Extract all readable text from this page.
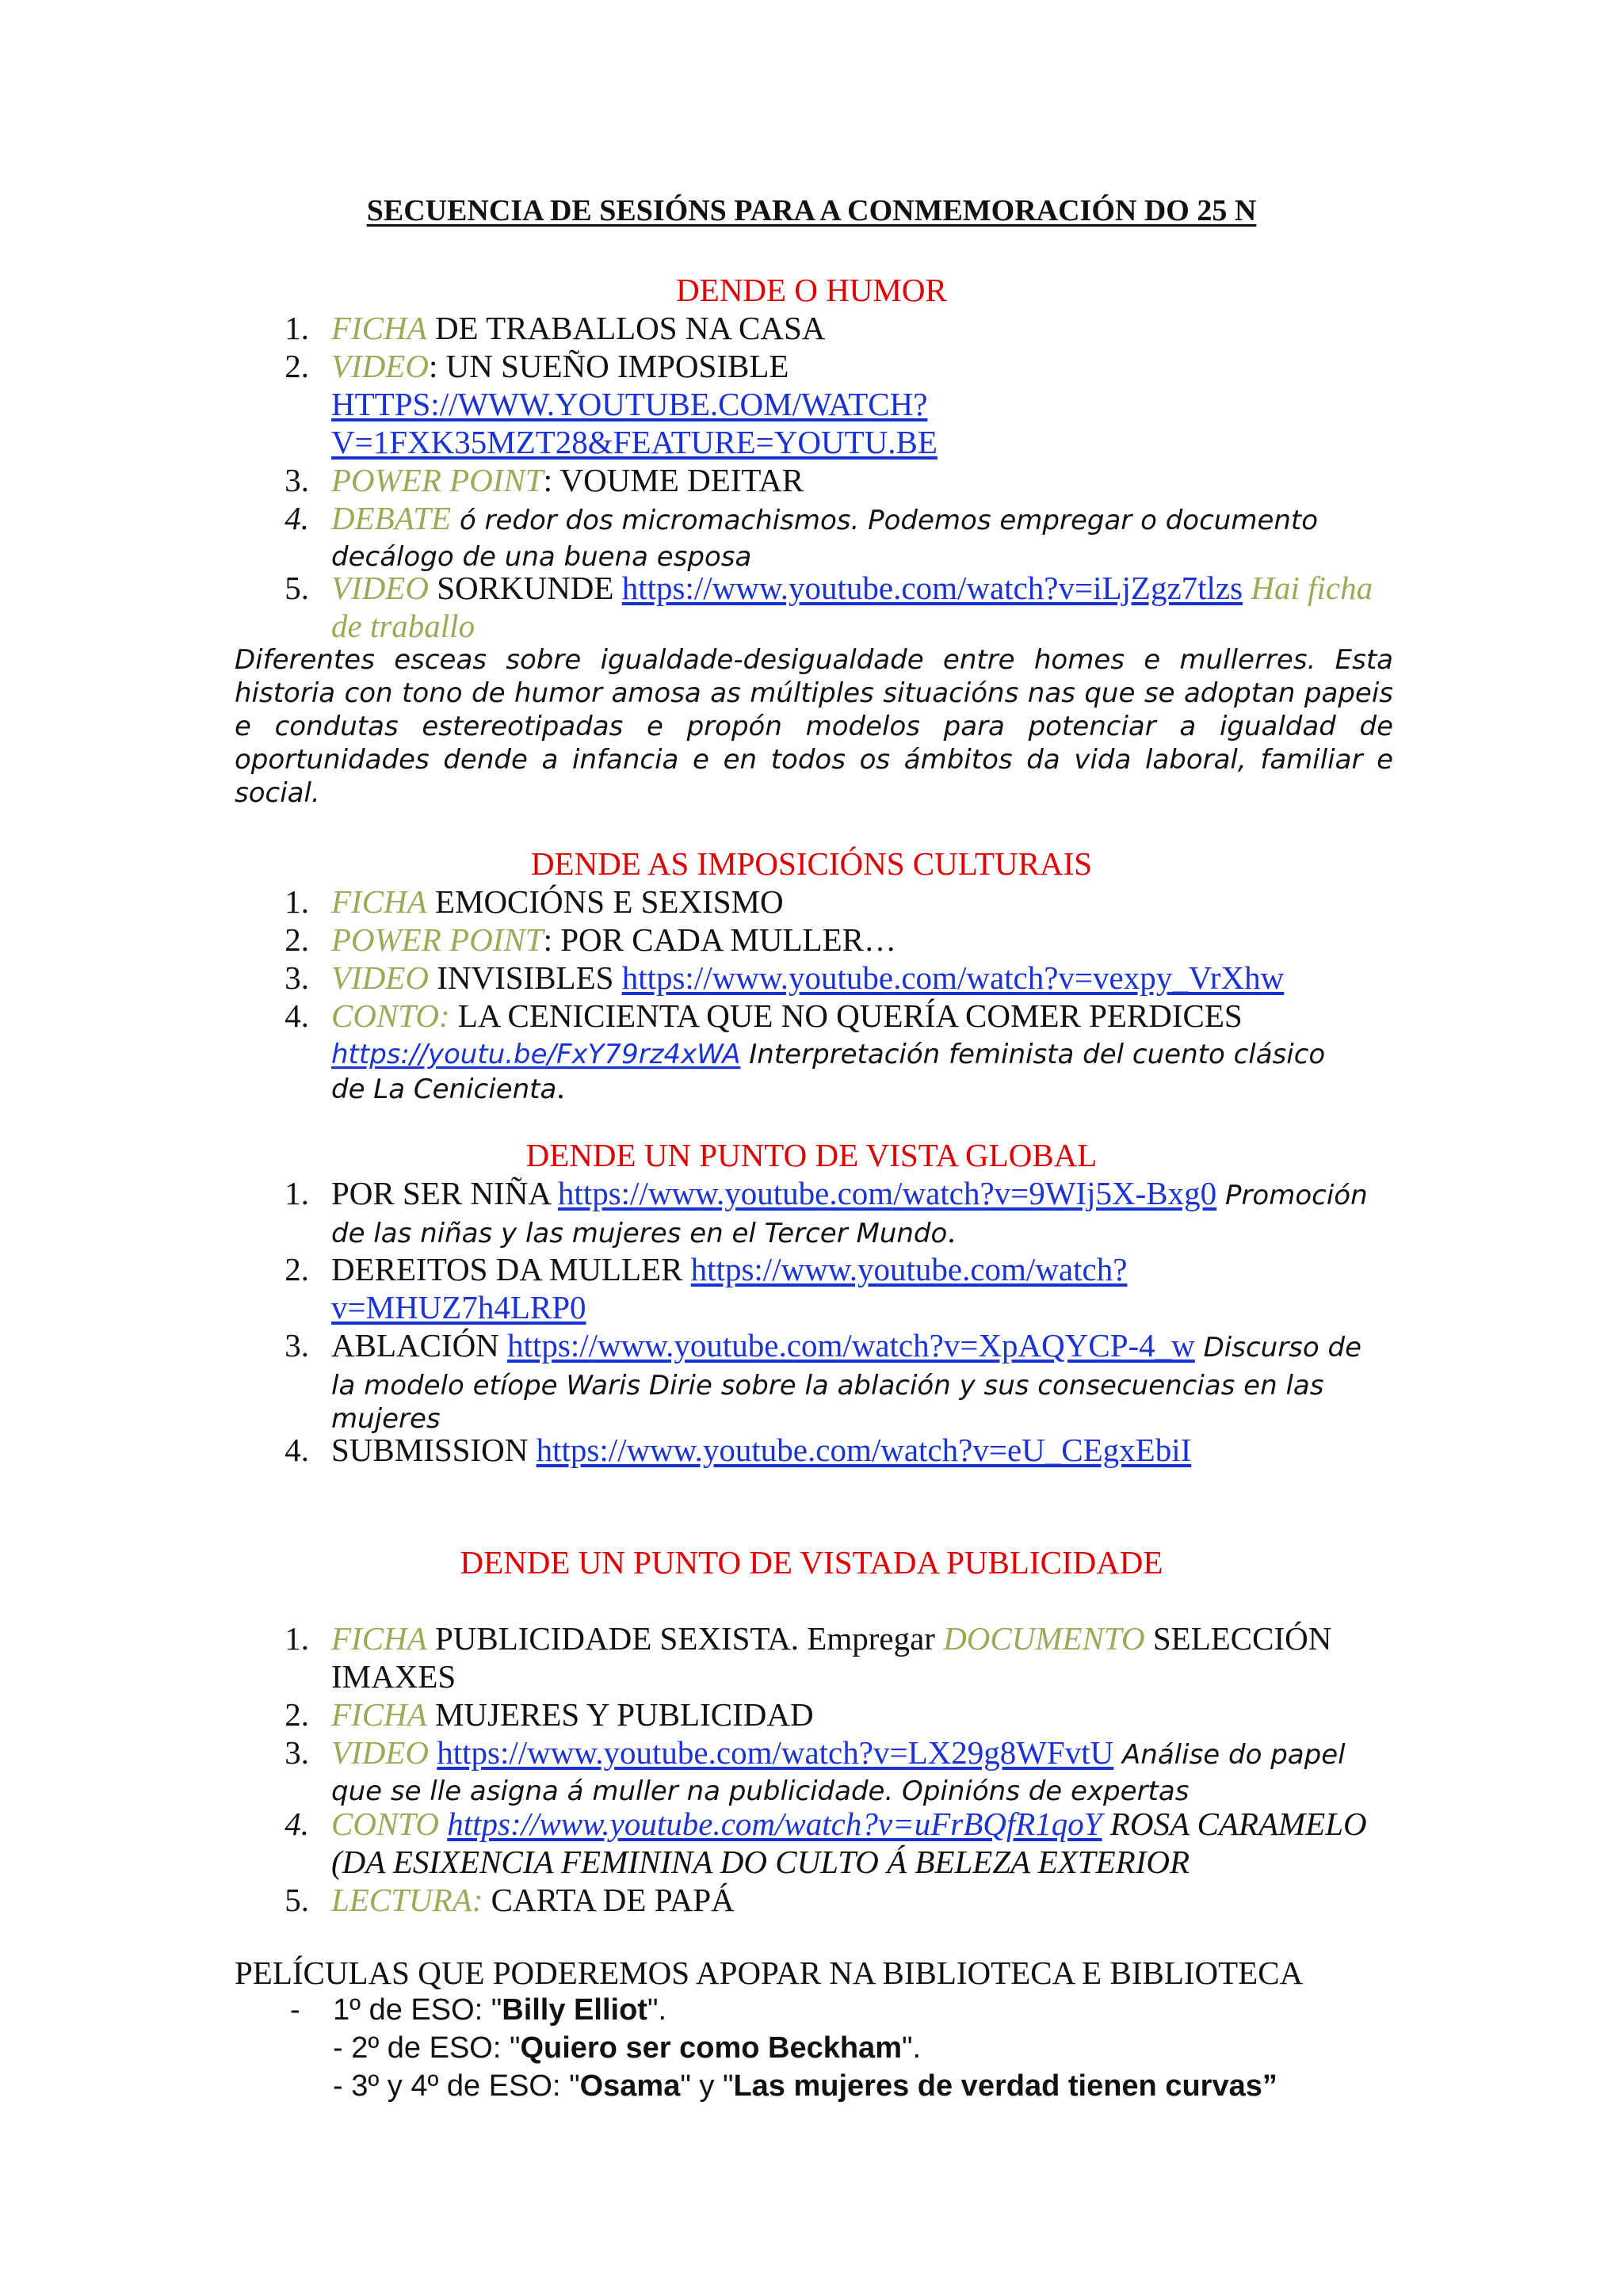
SECUENCIA DE SESIÓNS PARA A CONMEMORACIÓN DO 25 N
DENDE O HUMOR
1. FICHA DE TRABALLOS NA CASA
2. VIDEO: UN SUEÑO IMPOSIBLE
HTTPS://WWW.YOUTUBE.COM/WATCH?
V=1FXK35MZT28&FEATURE=YOUTU.BE
3. POWER POINT: VOUME DEITAR
4. DEBATE ó redor dos micromachismos. Podemos empregar o documento
decálogo de una buena esposa
5. VIDEO SORKUNDE https://www.youtube.com/watch?v=iLjZgz7tlzs Hai ficha
de traballo
Diferentes esceas sobre igualdade-desigualdade entre homes e mullerres. Esta historia con tono de humor amosa as múltiples situacións nas que se adoptan papeis e condutas estereotipadas e propón modelos para potenciar a igualdad de oportunidades dende a infancia e en todos os ámbitos da vida laboral, familiar e social.
DENDE AS IMPOSICIÓNS CULTURAIS
1. FICHA EMOCIÓNS E SEXISMO
2. POWER POINT: POR CADA MULLER…
3. VIDEO INVISIBLES https://www.youtube.com/watch?v=vexpy_VrXhw
4. CONTO: LA CENICIENTA QUE NO QUERÍA COMER PERDICES
https://youtu.be/FxY79rz4xWA Interpretación feminista del cuento clásico
de La Cenicienta.
DENDE UN PUNTO DE VISTA GLOBAL
1. POR SER NIÑA https://www.youtube.com/watch?v=9WIj5X-Bxg0 Promoción
de las niñas y las mujeres en el Tercer Mundo.
2. DEREITOS DA MULLER https://www.youtube.com/watch?
v=MHUZ7h4LRP0
3. ABLACIÓN https://www.youtube.com/watch?v=XpAQYCP-4_w Discurso de
la modelo etíope Waris Dirie sobre la ablación y sus consecuencias en las
mujeres
4. SUBMISSION https://www.youtube.com/watch?v=eU_CEgxEbiI
DENDE UN PUNTO DE VISTADA PUBLICIDADE
1. FICHA PUBLICIDADE SEXISTA. Empregar DOCUMENTO SELECCIÓN
IMAXES
2. FICHA MUJERES Y PUBLICIDAD
3. VIDEO https://www.youtube.com/watch?v=LX29g8WFvtU Análise do papel
que se lle asigna á muller na publicidade. Opinións de expertas
4. CONTO https://www.youtube.com/watch?v=uFrBQfR1qoY ROSA CARAMELO
(DA ESIXENCIA FEMININA DO CULTO Á BELEZA EXTERIOR
5. LECTURA: CARTA DE PAPÁ
PELÍCULAS QUE PODEREMOS APOPAR NA BIBLIOTECA E BIBLIOTECA
- 1º de ESO: "Billy Elliot".
- 2º de ESO: "Quiero ser como Beckham".
- 3º y 4º de ESO: "Osama" y "Las mujeres de verdad tienen curvas”
